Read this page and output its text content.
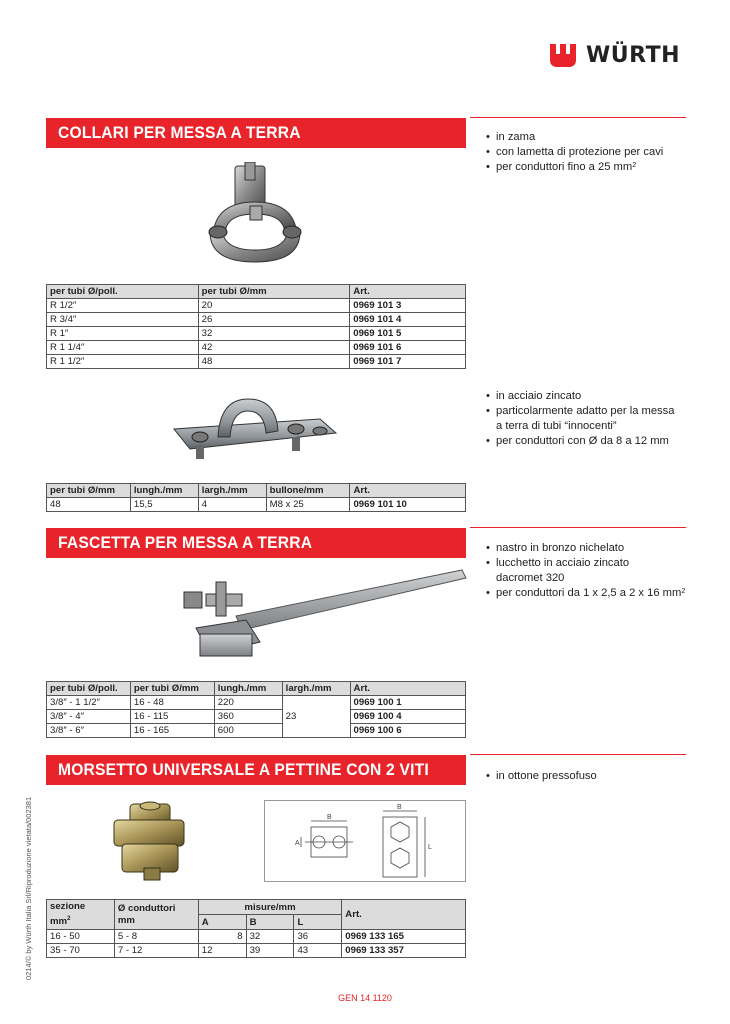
WÜRTH
COLLARI PER MESSA A TERRA	• in zama
• con lametta di protezione per cavi
• per conduttori fino a 25 $mm^2$
per tubi Ø/poll.	per tubi Ø/mm	Art.
R 1/2″	20	0969 101 3
R 3/4″	26	0969 101 4
R 1″	32	0969 101 5
R 1 1/4″	42	0969 101 6
R 1 1/2″	48	0969 101 7
• in acciaio zincato
• particolarmente adatto per la messa
a terra di tubi “innocenti”
• per conduttori con Ø da 8 a 12 mm
per tubi Ø/mm	lungh./mm	largh./mm	bullone/mm	Art.
48	15,5	4	M8 x 25	0969 101 10
FASCETTA PER MESSA A TERRA	• nastro in bronzo nichelato
• lucchetto in acciaio zincato
dacromet 320
• per conduttori da 1 x 2,5 a 2 x 16 $mm^2$
per tubi Ø/poll.	per tubi Ø/mm	lungh./mm	largh./mm	Art.
3/8″ - 1 1/2″	16 - 48	220	23	0969 100 1
3/8″ - 4″	16 - 115	360		0969 100 4
3/8″ - 6″	16 - 165	600		0969 100 6
MORSETTO UNIVERSALE A PETTINE CON 2 VITI	• in ottone pressofuso
B
A
B
L
sezione
$mm^2$	Ø conduttori
mm	misure/mm			Art.
		A	B	L	
16 - 50	5 - 8	8	32	36	0969 133 165
35 - 70	7 - 12	12	39	43	0969 133 357
0214/© by Würth Italia Srl/Riproduzione vietata/002381
GEN 14 1120
